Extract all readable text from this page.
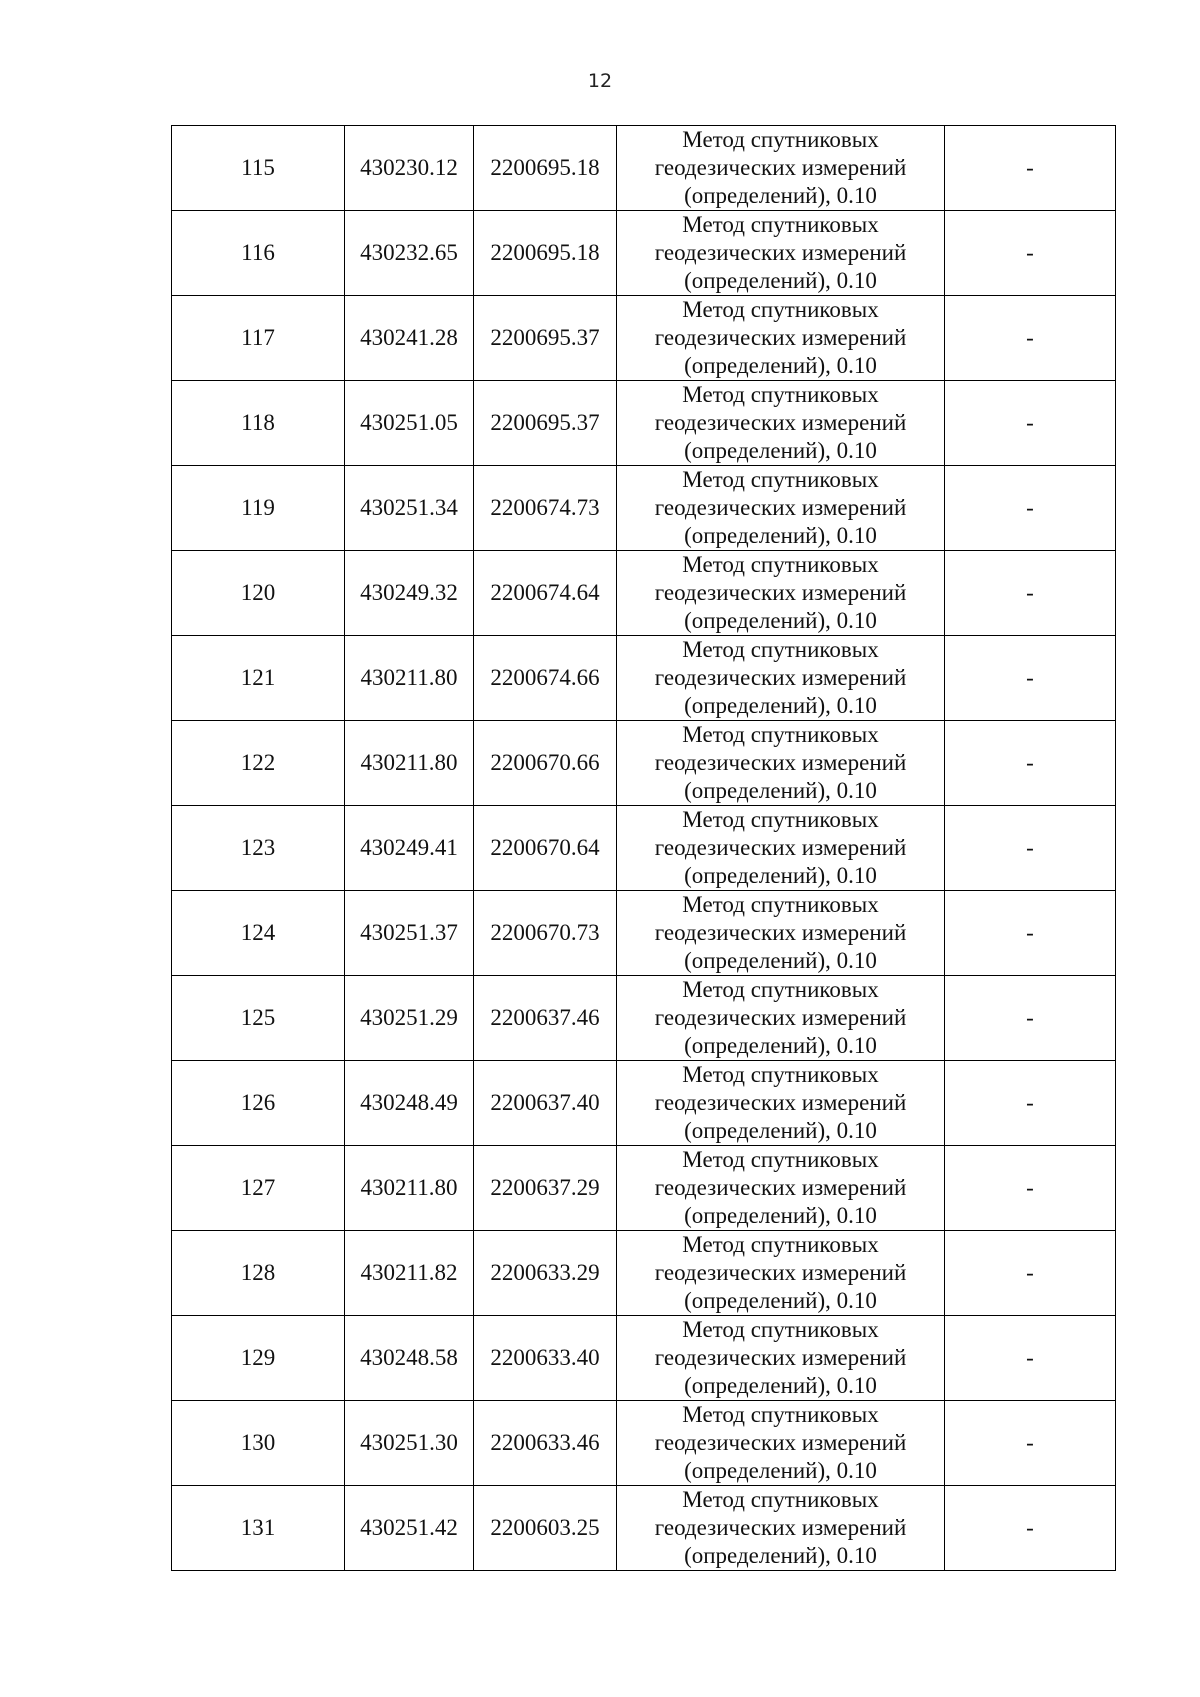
12
115	430230.12	2200695.18	Метод спутниковых
геодезических измерений
(определений), 0.10	-
116	430232.65	2200695.18	Метод спутниковых
геодезических измерений
(определений), 0.10	-
117	430241.28	2200695.37	Метод спутниковых
геодезических измерений
(определений), 0.10	-
118	430251.05	2200695.37	Метод спутниковых
геодезических измерений
(определений), 0.10	-
119	430251.34	2200674.73	Метод спутниковых
геодезических измерений
(определений), 0.10	-
120	430249.32	2200674.64	Метод спутниковых
геодезических измерений
(определений), 0.10	-
121	430211.80	2200674.66	Метод спутниковых
геодезических измерений
(определений), 0.10	-
122	430211.80	2200670.66	Метод спутниковых
геодезических измерений
(определений), 0.10	-
123	430249.41	2200670.64	Метод спутниковых
геодезических измерений
(определений), 0.10	-
124	430251.37	2200670.73	Метод спутниковых
геодезических измерений
(определений), 0.10	-
125	430251.29	2200637.46	Метод спутниковых
геодезических измерений
(определений), 0.10	-
126	430248.49	2200637.40	Метод спутниковых
геодезических измерений
(определений), 0.10	-
127	430211.80	2200637.29	Метод спутниковых
геодезических измерений
(определений), 0.10	-
128	430211.82	2200633.29	Метод спутниковых
геодезических измерений
(определений), 0.10	-
129	430248.58	2200633.40	Метод спутниковых
геодезических измерений
(определений), 0.10	-
130	430251.30	2200633.46	Метод спутниковых
геодезических измерений
(определений), 0.10	-
131	430251.42	2200603.25	Метод спутниковых
геодезических измерений
(определений), 0.10	-
